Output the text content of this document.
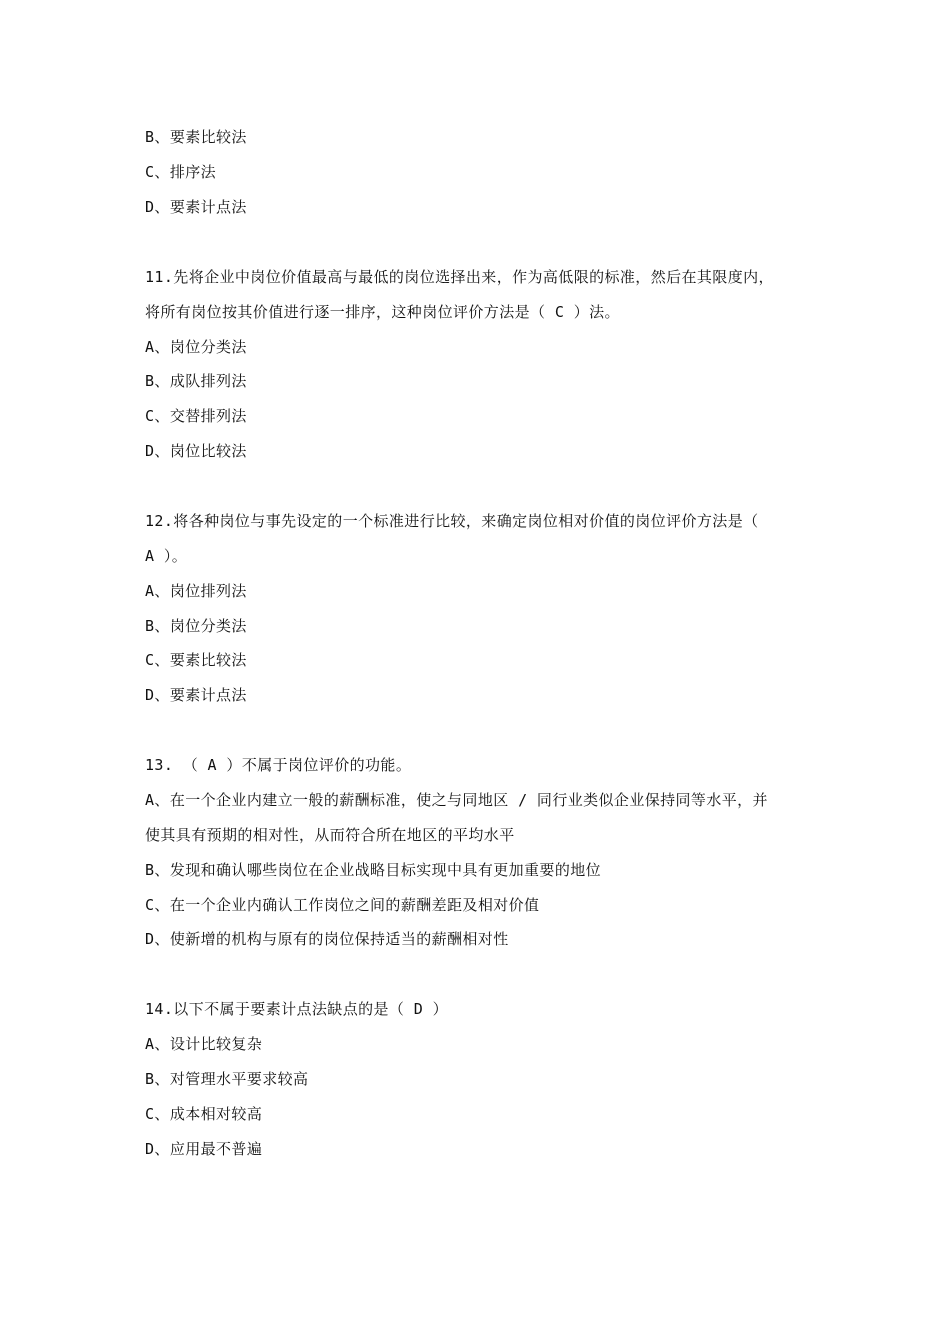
B、要素比较法
C、排序法
D、要素计点法
11.先将企业中岗位价值最高与最低的岗位选择出来，作为高低限的标准，然后在其限度内，
将所有岗位按其价值进行逐一排序，这种岗位评价方法是（ C ）法。
A、岗位分类法
B、成队排列法
C、交替排列法
D、岗位比较法
12.将各种岗位与事先设定的一个标准进行比较，来确定岗位相对价值的岗位评价方法是（
A ）。
A、岗位排列法
B、岗位分类法
C、要素比较法
D、要素计点法
13. （ A ）不属于岗位评价的功能。
A、在一个企业内建立一般的薪酬标准，使之与同地区 / 同行业类似企业保持同等水平，并
使其具有预期的相对性，从而符合所在地区的平均水平
B、发现和确认哪些岗位在企业战略目标实现中具有更加重要的地位
C、在一个企业内确认工作岗位之间的薪酬差距及相对价值
D、使新增的机构与原有的岗位保持适当的薪酬相对性
14.以下不属于要素计点法缺点的是（ D ）
A、设计比较复杂
B、对管理水平要求较高
C、成本相对较高
D、应用最不普遍
